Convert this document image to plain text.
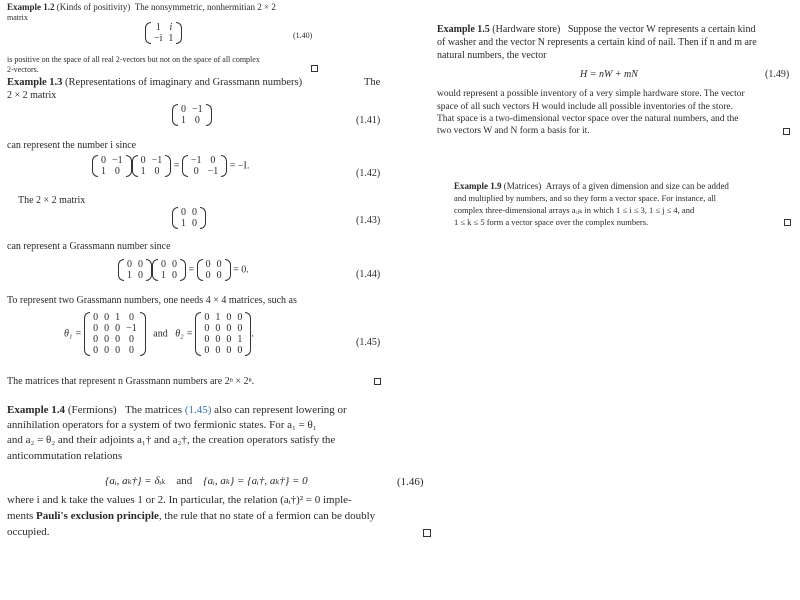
Example 1.2 (Kinds of positivity) The nonsymmetric, nonhermitian 2 × 2
matrix
1	i
−i	1	(1.40)
is positive on the space of all real 2-vectors but not on the space of all complex
2-vectors.
Example 1.3 (Representations of imaginary and Grassmann numbers)	The
2 × 2 matrix
0	−1
1	0	(1.41)
can represent the number i since
0	−1
1	0
0	−1
1	0
= −1	0
0	−1
= −I.
(1.42)
The 2 × 2 matrix
0	0
1	0	(1.43)
can represent a Grassmann number since
0	0
1	0
0	0
1	0
= 0	0
0	0
= 0.	(1.44)
To represent two Grassmann numbers, one needs 4 × 4 matrices, such as
θ₁ =
0	0	1	0
0	0	0	−1
0	0	0	0
0	0	0	0
and θ₂ =
0	1	0	0
0	0	0	0
0	0	0	1
0	0	0	0
.
(1.45)
The matrices that represent n Grassmann numbers are 2ⁿ × 2ⁿ.
Example 1.4 (Fermions) The matrices (1.45) also can represent lowering or
annihilation operators for a system of two fermionic states. For a₁ = θ₁
and a₂ = θ₂ and their adjoints a₁† and a₂†, the creation operators satisfy the
anticommutation relations
{aᵢ, aₖ†} = δᵢₖ and {aᵢ, aₖ} = {aᵢ†, aₖ†} = 0	(1.46)
where i and k take the values 1 or 2. In particular, the relation (aᵢ†)² = 0 imple-
ments Pauli's exclusion principle, the rule that no state of a fermion can be doubly
occupied.
Example 1.5 (Hardware store) Suppose the vector W represents a certain kind
of washer and the vector N represents a certain kind of nail. Then if n and m are
natural numbers, the vector
H = nW + mN	(1.49)
would represent a possible inventory of a very simple hardware store. The vector
space of all such vectors H would include all possible inventories of the store.
That space is a two-dimensional vector space over the natural numbers, and the
two vectors W and N form a basis for it.
Example 1.9 (Matrices) Arrays of a given dimension and size can be added
and multiplied by numbers, and so they form a vector space. For instance, all
complex three-dimensional arrays aᵢⱼₖ in which 1 ≤ i ≤ 3, 1 ≤ j ≤ 4, and
1 ≤ k ≤ 5 form a vector space over the complex numbers.
